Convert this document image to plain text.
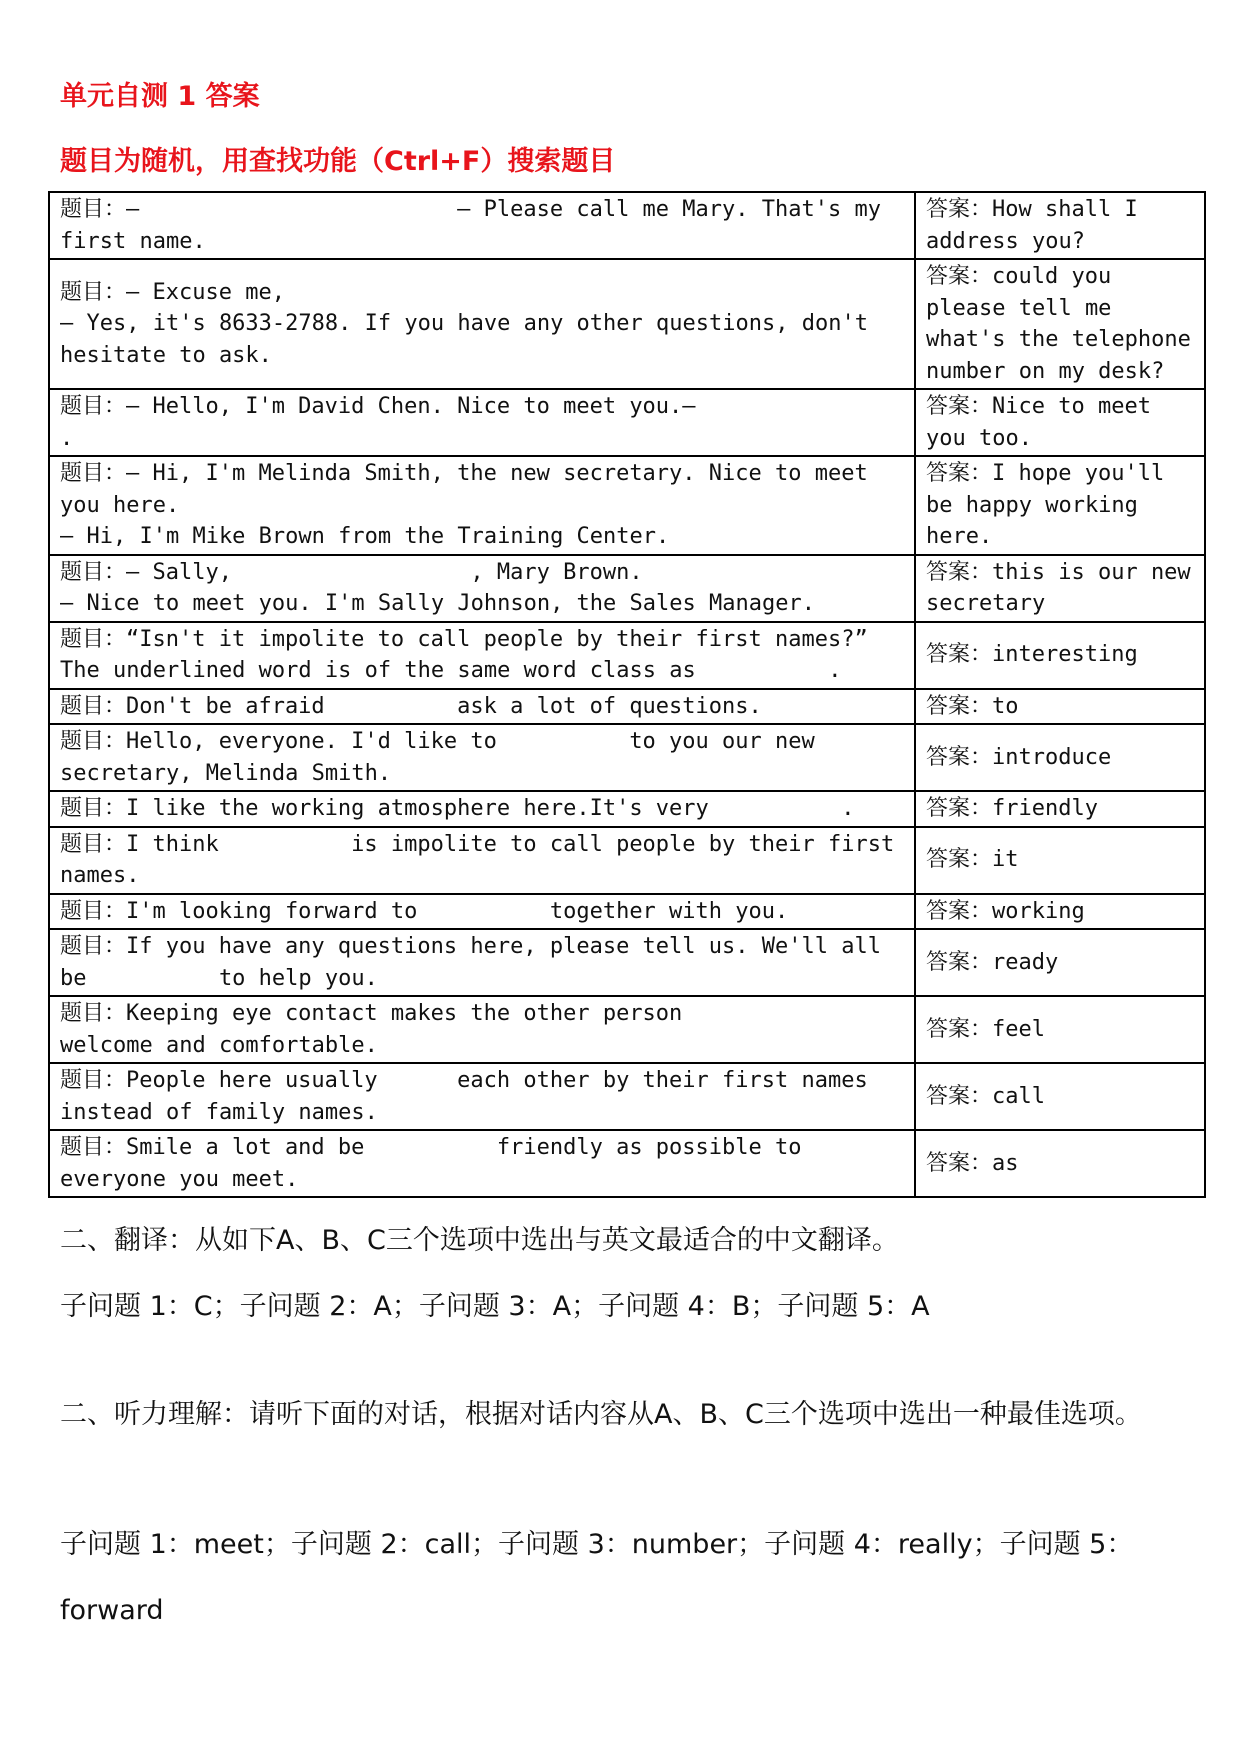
单元自测 1 答案
题目为随机，用查找功能（Ctrl+F）搜索题目
题目：—                        — Please call me Mary. That's my first name.	答案：How shall I address you?
题目：— Excuse me,
— Yes, it's 8633-2788. If you have any other questions, don't hesitate to ask.	答案：could you please tell me what's the telephone number on my desk?
题目：— Hello, I'm David Chen. Nice to meet you.—                   .	答案：Nice to meet you too.
题目：— Hi, I'm Melinda Smith, the new secretary. Nice to meet you here.
— Hi, I'm Mike Brown from the Training Center.	答案：I hope you'll be happy working here.
题目：— Sally,                  , Mary Brown.
— Nice to meet you. I'm Sally Johnson, the Sales Manager.	答案：this is our new secretary
题目：“Isn't it impolite to call people by their first names?”
The underlined word is of the same word class as          .	答案：interesting
题目：Don't be afraid          ask a lot of questions.	答案：to
题目：Hello, everyone. I'd like to          to you our new secretary, Melinda Smith.	答案：introduce
题目：I like the working atmosphere here.It's very          .	答案：friendly
题目：I think          is impolite to call people by their first names.	答案：it
题目：I'm looking forward to          together with you.	答案：working
题目：If you have any questions here, please tell us. We'll all be          to help you.	答案：ready
题目：Keeping eye contact makes the other person          welcome and comfortable.	答案：feel
题目：People here usually      each other by their first names instead of family names.	答案：call
题目：Smile a lot and be          friendly as possible to everyone you meet.	答案：as
二、翻译：从如下A、B、C三个选项中选出与英文最适合的中文翻译。
子问题 1：C；子问题 2：A；子问题 3：A；子问题 4：B；子问题 5：A
二、听力理解：请听下面的对话，根据对话内容从A、B、C三个选项中选出一种最佳选项。
子问题 1：meet；子问题 2：call；子问题 3：number；子问题 4：really；子问题 5：forward
